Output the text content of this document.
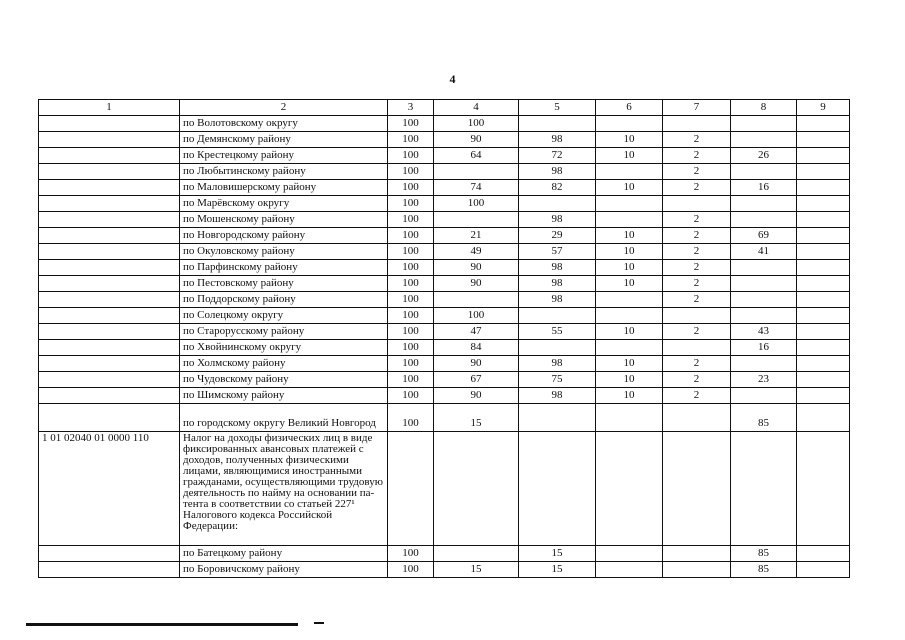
4
1	2	3	4	5	6	7	8	9
	по Волотовскому округу	100	100					
	по Демянскому району	100	90	98	10	2		
	по Крестецкому району	100	64	72	10	2	26	
	по Любытинскому району	100		98		2		
	по Маловишерскому району	100	74	82	10	2	16	
	по Марёвскому округу	100	100					
	по Мошенскому району	100		98		2		
	по Новгородскому району	100	21	29	10	2	69	
	по Окуловскому району	100	49	57	10	2	41	
	по Парфинскому району	100	90	98	10	2		
	по Пестовскому району	100	90	98	10	2		
	по Поддорскому району	100		98		2		
	по Солецкому округу	100	100					
	по Старорусскому району	100	47	55	10	2	43	
	по Хвойнинскому округу	100	84				16	
	по Холмскому району	100	90	98	10	2		
	по Чудовскому району	100	67	75	10	2	23	
	по Шимскому району	100	90	98	10	2		
	по городскому округу Великий Новгород	100	15				85	
1 01 02040 01 0000 110	Налог на доходы физических лиц в виде фиксированных авансовых платежей с доходов, полученных физическими лицами, являющимися иностранными гражданами, осуществляющими трудовую деятельность по найму на основании патента в соответствии со статьей 227¹ Налогового кодекса Российской Федерации:							
	по Батецкому району	100		15			85	
	по Боровичскому району	100	15	15			85	
